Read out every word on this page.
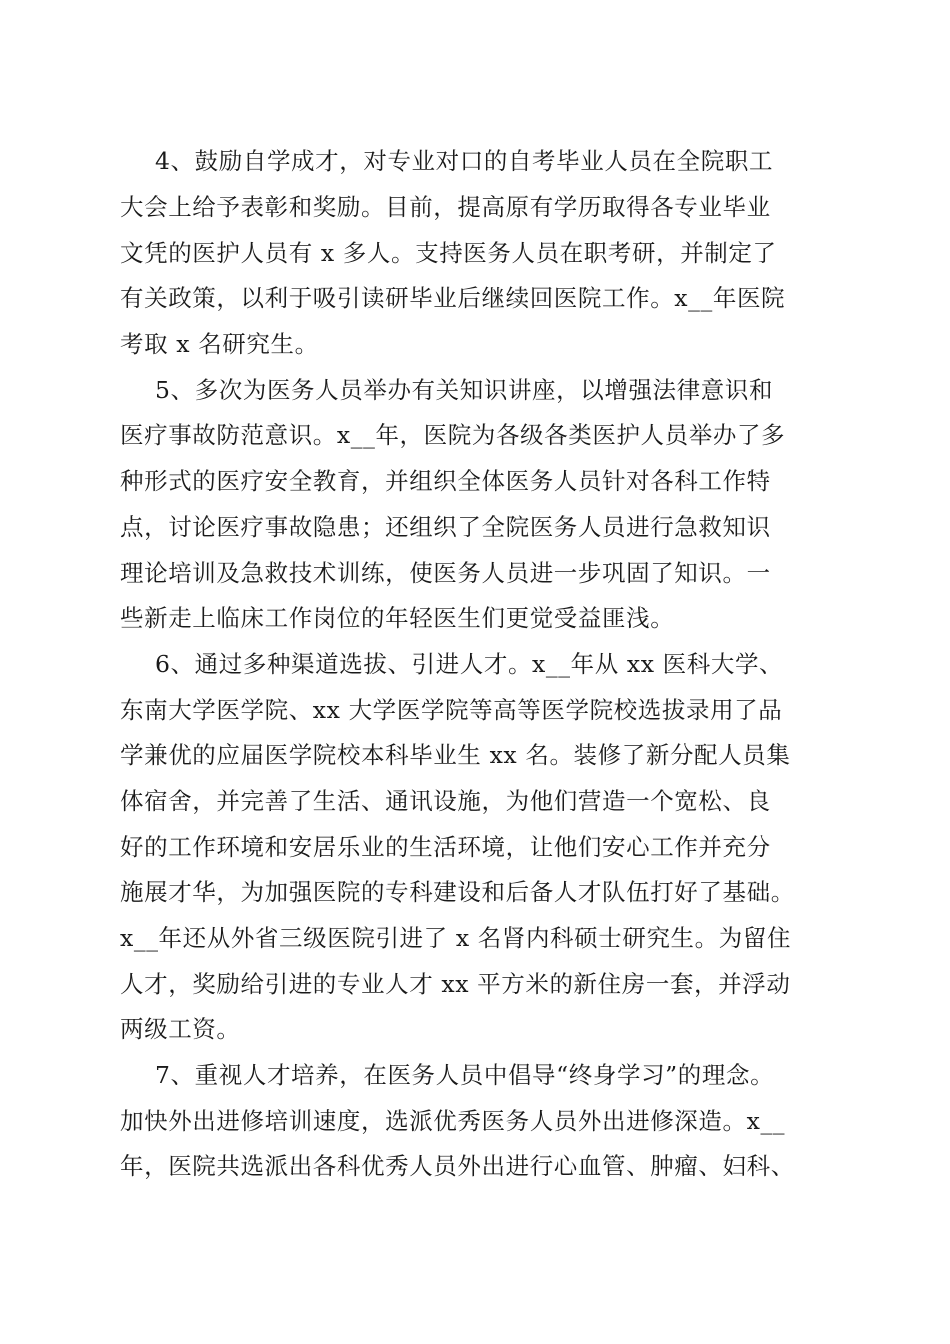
4、鼓励自学成才，对专业对口的自考毕业人员在全院职工
大会上给予表彰和奖励。目前，提高原有学历取得各专业毕业
文凭的医护人员有 x 多人。支持医务人员在职考研，并制定了
有关政策，以利于吸引读研毕业后继续回医院工作。x__年医院
考取 x 名研究生。
5、多次为医务人员举办有关知识讲座，以增强法律意识和
医疗事故防范意识。x__年，医院为各级各类医护人员举办了多
种形式的医疗安全教育，并组织全体医务人员针对各科工作特
点，讨论医疗事故隐患；还组织了全院医务人员进行急救知识
理论培训及急救技术训练，使医务人员进一步巩固了知识。一
些新走上临床工作岗位的年轻医生们更觉受益匪浅。
6、通过多种渠道选拔、引进人才。x__年从 xx 医科大学、
东南大学医学院、xx 大学医学院等高等医学院校选拔录用了品
学兼优的应届医学院校本科毕业生 xx 名。装修了新分配人员集
体宿舍，并完善了生活、通讯设施，为他们营造一个宽松、良
好的工作环境和安居乐业的生活环境，让他们安心工作并充分
施展才华，为加强医院的专科建设和后备人才队伍打好了基础。
x__年还从外省三级医院引进了 x 名肾内科硕士研究生。为留住
人才，奖励给引进的专业人才 xx 平方米的新住房一套，并浮动
两级工资。
7、重视人才培养，在医务人员中倡导“终身学习”的理念。
加快外出进修培训速度，选派优秀医务人员外出进修深造。x__
年，医院共选派出各科优秀人员外出进行心血管、肿瘤、妇科、
